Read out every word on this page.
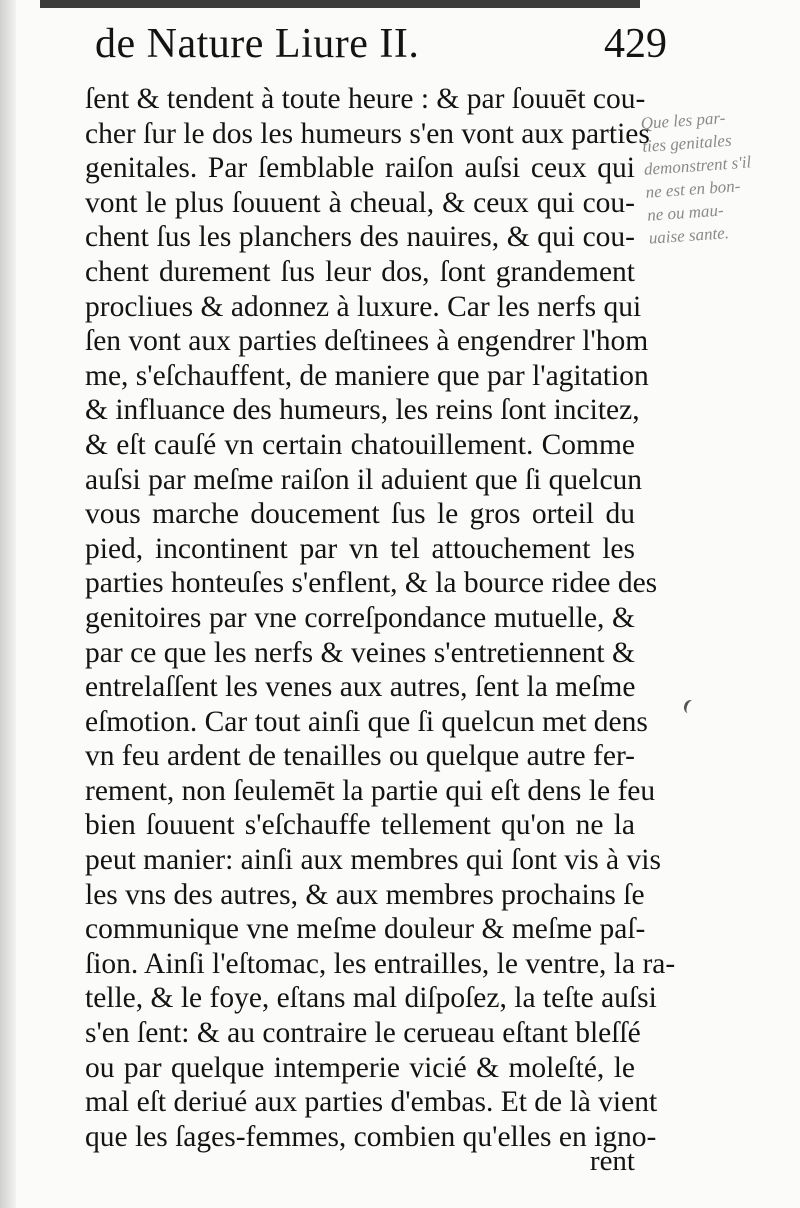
de Nature Liure II.	429
Que les par-
ties genitales
demonstrent s'il
ne est en bon-
ne ou mau-
uaise sante.
ſent & tendent à toute heure : & par ſouuēt cou-
cher ſur le dos les humeurs s'en vont aux parties
genitales. Par ſemblable raiſon auſsi ceux qui
vont le plus ſouuent à cheual, & ceux qui cou-
chent ſus les planchers des nauires, & qui cou-
chent durement ſus leur dos, ſont grandement
procliues & adonnez à luxure. Car les nerfs qui
ſen vont aux parties deſtinees à engendrer l'hom
me, s'eſchauffent, de maniere que par l'agitation
& influance des humeurs, les reins ſont incitez,
& eſt cauſé vn certain chatouillement. Comme
auſsi par meſme raiſon il aduient que ſi quelcun
vous marche doucement ſus le gros orteil du
pied, incontinent par vn tel attouchement les
parties honteuſes s'enflent, & la bource ridee des
genitoires par vne correſpondance mutuelle, &
par ce que les nerfs & veines s'entretiennent &
entrelaſſent les venes aux autres, ſent la meſme
eſmotion. Car tout ainſi que ſi quelcun met dens
vn feu ardent de tenailles ou quelque autre fer-
rement, non ſeulemēt la partie qui eſt dens le feu
bien ſouuent s'eſchauffe tellement qu'on ne la
peut manier: ainſi aux membres qui ſont vis à vis
les vns des autres, & aux membres prochains ſe
communique vne meſme douleur & meſme paſ-
ſion. Ainſi l'eſtomac, les entrailles, le ventre, la ra-
telle, & le foye, eſtans mal diſpoſez, la teſte auſsi
s'en ſent: & au contraire le cerueau eſtant bleſſé
ou par quelque intemperie vicié & moleſté, le
mal eſt deriué aux parties d'embas. Et de là vient
que les ſages-femmes, combien qu'elles en igno-
rent
